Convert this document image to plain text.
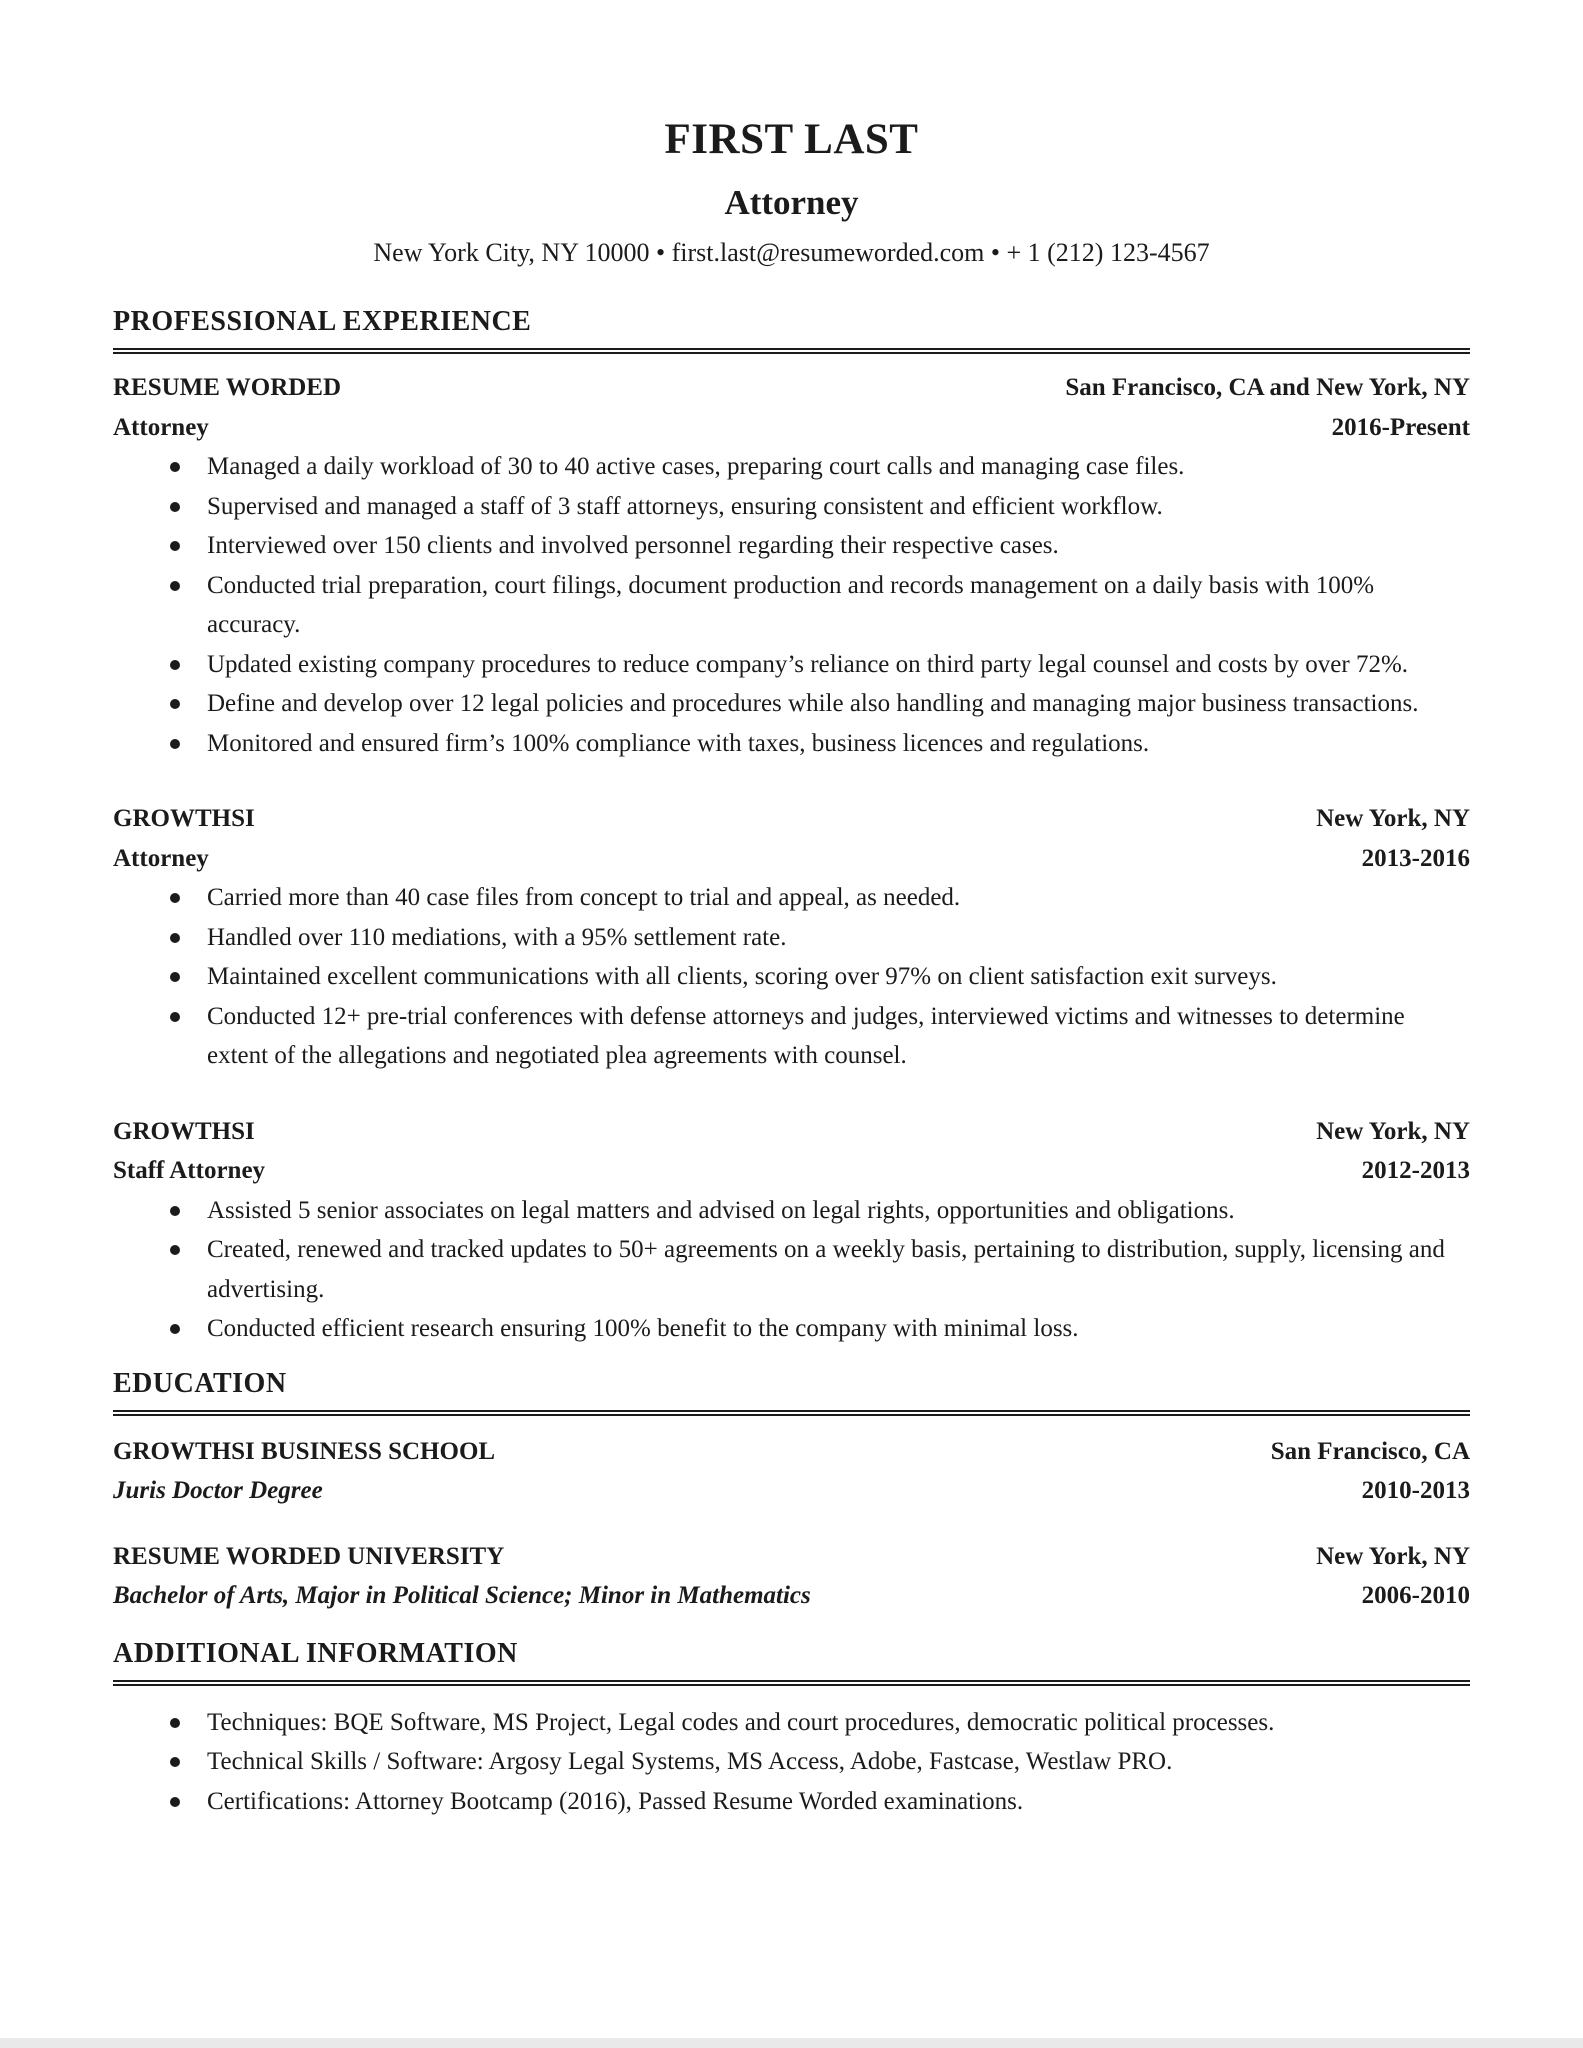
FIRST LAST
Attorney

New York City, NY 10000 • first.last@resumeworded.com • + 1 (212) 123-4567

PROFESSIONAL EXPERIENCE
RESUME WORDED	San Francisco, CA and New York, NY
Attorney	2016-Present
Managed a daily workload of 30 to 40 active cases, preparing court calls and managing case files.
Supervised and managed a staff of 3 staff attorneys, ensuring consistent and efficient workflow.
Interviewed over 150 clients and involved personnel regarding their respective cases.
Conducted trial preparation, court filings, document production and records management on a daily basis with 100% accuracy.
Updated existing company procedures to reduce company’s reliance on third party legal counsel and costs by over 72%.
Define and develop over 12 legal policies and procedures while also handling and managing major business transactions.
Monitored and ensured firm’s 100% compliance with taxes, business licences and regulations.
GROWTHSI	New York, NY
Attorney	2013-2016
Carried more than 40 case files from concept to trial and appeal, as needed.
Handled over 110 mediations, with a 95% settlement rate.
Maintained excellent communications with all clients, scoring over 97% on client satisfaction exit surveys.
Conducted 12+ pre-trial conferences with defense attorneys and judges, interviewed victims and witnesses to determine extent of the allegations and negotiated plea agreements with counsel.
GROWTHSI	New York, NY
Staff Attorney	2012-2013
Assisted 5 senior associates on legal matters and advised on legal rights, opportunities and obligations.
Created, renewed and tracked updates to 50+ agreements on a weekly basis, pertaining to distribution, supply, licensing and advertising.
Conducted efficient research ensuring 100% benefit to the company with minimal loss.
EDUCATION
GROWTHSI BUSINESS SCHOOL	San Francisco, CA
Juris Doctor Degree	2010-2013
RESUME WORDED UNIVERSITY	New York, NY
Bachelor of Arts, Major in Political Science; Minor in Mathematics	2006-2010
ADDITIONAL INFORMATION
Techniques: BQE Software, MS Project, Legal codes and court procedures, democratic political processes.
Technical Skills / Software: Argosy Legal Systems, MS Access, Adobe, Fastcase, Westlaw PRO.
Certifications: Attorney Bootcamp (2016), Passed Resume Worded examinations.
